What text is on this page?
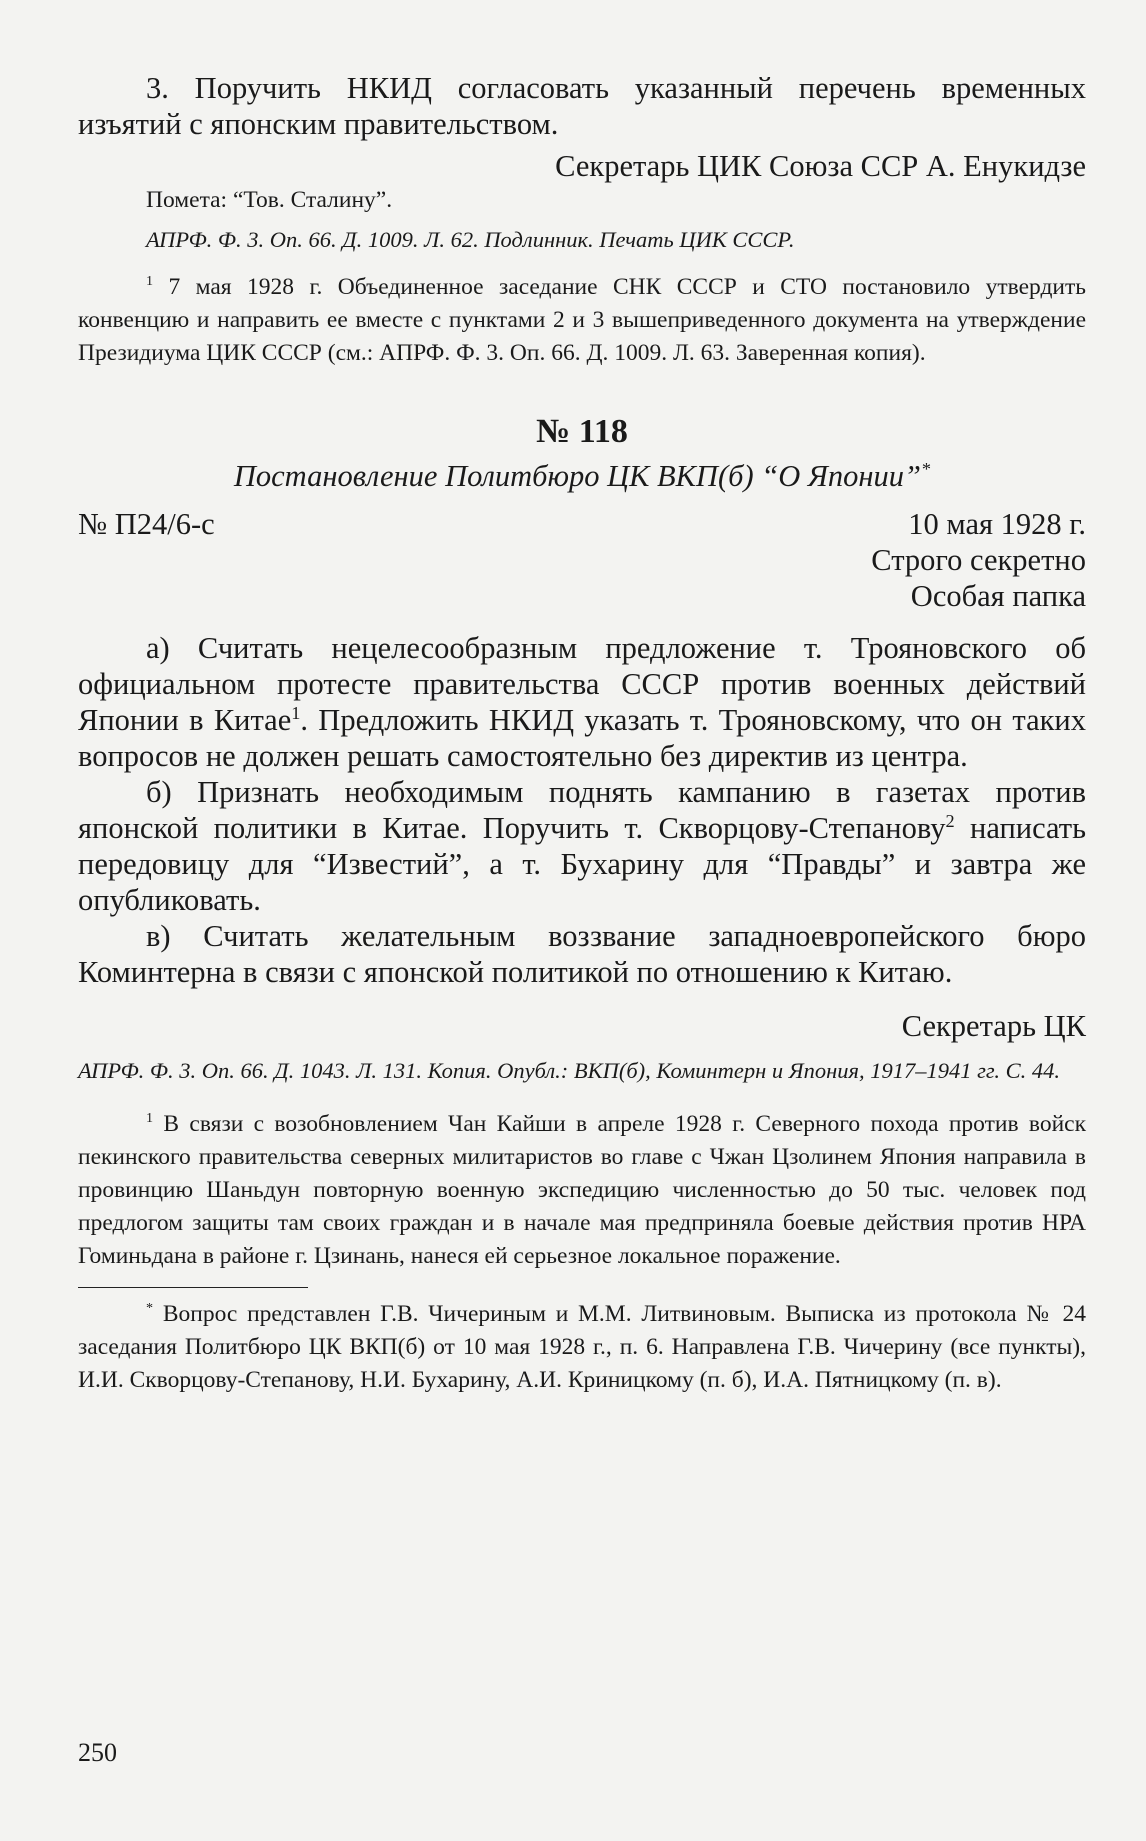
3. Поручить НКИД согласовать указанный перечень временных изъятий с японским правительством.

Секретарь ЦИК Союза ССР А. Енукидзе

Помета: “Тов. Сталину”.

АПРФ. Ф. 3. Оп. 66. Д. 1009. Л. 62. Подлинник. Печать ЦИК СССР.

$^1$ 7 мая 1928 г. Объединенное заседание СНК СССР и СТО постановило утвердить конвенцию и направить ее вместе с пунктами 2 и 3 вышеприведенного документа на утверждение Президиума ЦИК СССР (см.: АПРФ. Ф. 3. Оп. 66. Д. 1009. Л. 63. Заверенная копия).

№ 118

Постановление Политбюро ЦК ВКП(б) “О Японии”*

№ П24/6-с	10 мая 1928 г.

Строго секретно

Особая папка

а) Считать нецелесообразным предложение т. Трояновского об официальном протесте правительства СССР против военных действий Японии в Китае$^1$. Предложить НКИД указать т. Трояновскому, что он таких вопросов не должен решать самостоятельно без директив из центра.

б) Признать необходимым поднять кампанию в газетах против японской политики в Китае. Поручить т. Скворцову-Степанову$^2$ написать передовицу для “Известий”, а т. Бухарину для “Правды” и завтра же опубликовать.

в) Считать желательным воззвание западноевропейского бюро Коминтерна в связи с японской политикой по отношению к Китаю.

Секретарь ЦК

АПРФ. Ф. 3. Оп. 66. Д. 1043. Л. 131. Копия. Опубл.: ВКП(б), Коминтерн и Япония, 1917–1941 гг. С. 44.

$^1$ В связи с возобновлением Чан Кайши в апреле 1928 г. Северного похода против войск пекинского правительства северных милитаристов во главе с Чжан Цзолинем Япония направила в провинцию Шаньдун повторную военную экспедицию численностью до 50 тыс. человек под предлогом защиты там своих граждан и в начале мая предприняла боевые действия против НРА Гоминьдана в районе г. Цзинань, нанеся ей серьезное локальное поражение.

* Вопрос представлен Г.В. Чичериным и М.М. Литвиновым. Выписка из протокола № 24 заседания Политбюро ЦК ВКП(б) от 10 мая 1928 г., п. 6. Направлена Г.В. Чичерину (все пункты), И.И. Скворцову-Степанову, Н.И. Бухарину, А.И. Криницкому (п. б), И.А. Пятницкому (п. в).

250
